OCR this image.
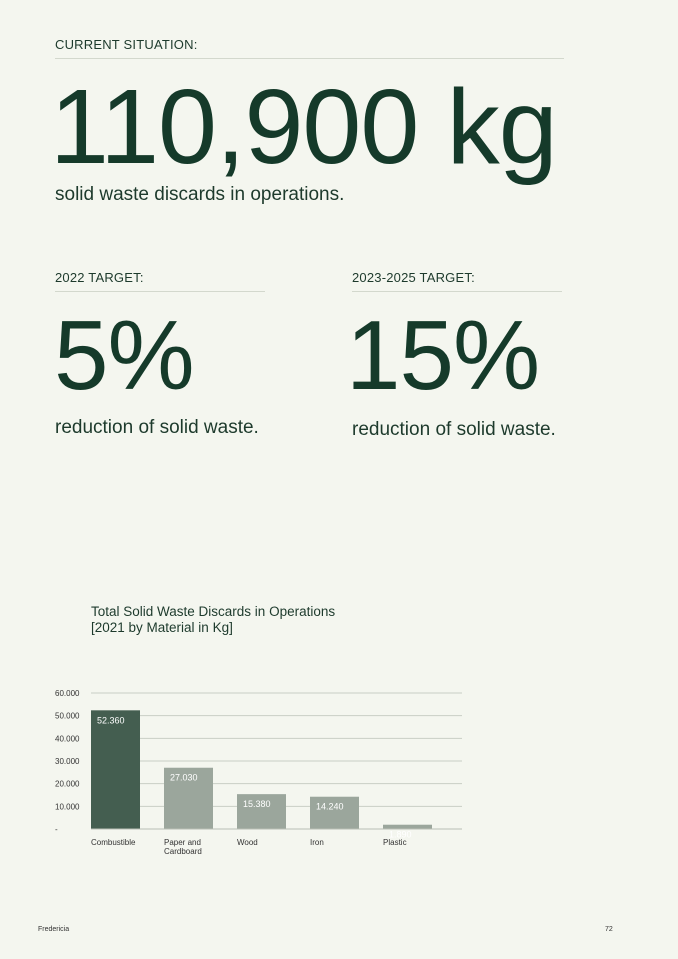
CURRENT SITUATION:
110,900 kg
solid waste discards in operations.
2022 TARGET:
5%
reduction of solid waste.
2023-2025 TARGET:
15%
reduction of solid waste.
Total Solid Waste Discards in Operations
[2021 by Material in Kg]
-
10.000
20.000
30.000
40.000
50.000
60.000
52.360
Combustible
27.030
Paper and Cardboard
15.380
Wood
14.240
Iron
1.890
Plastic
Fredericia	72
